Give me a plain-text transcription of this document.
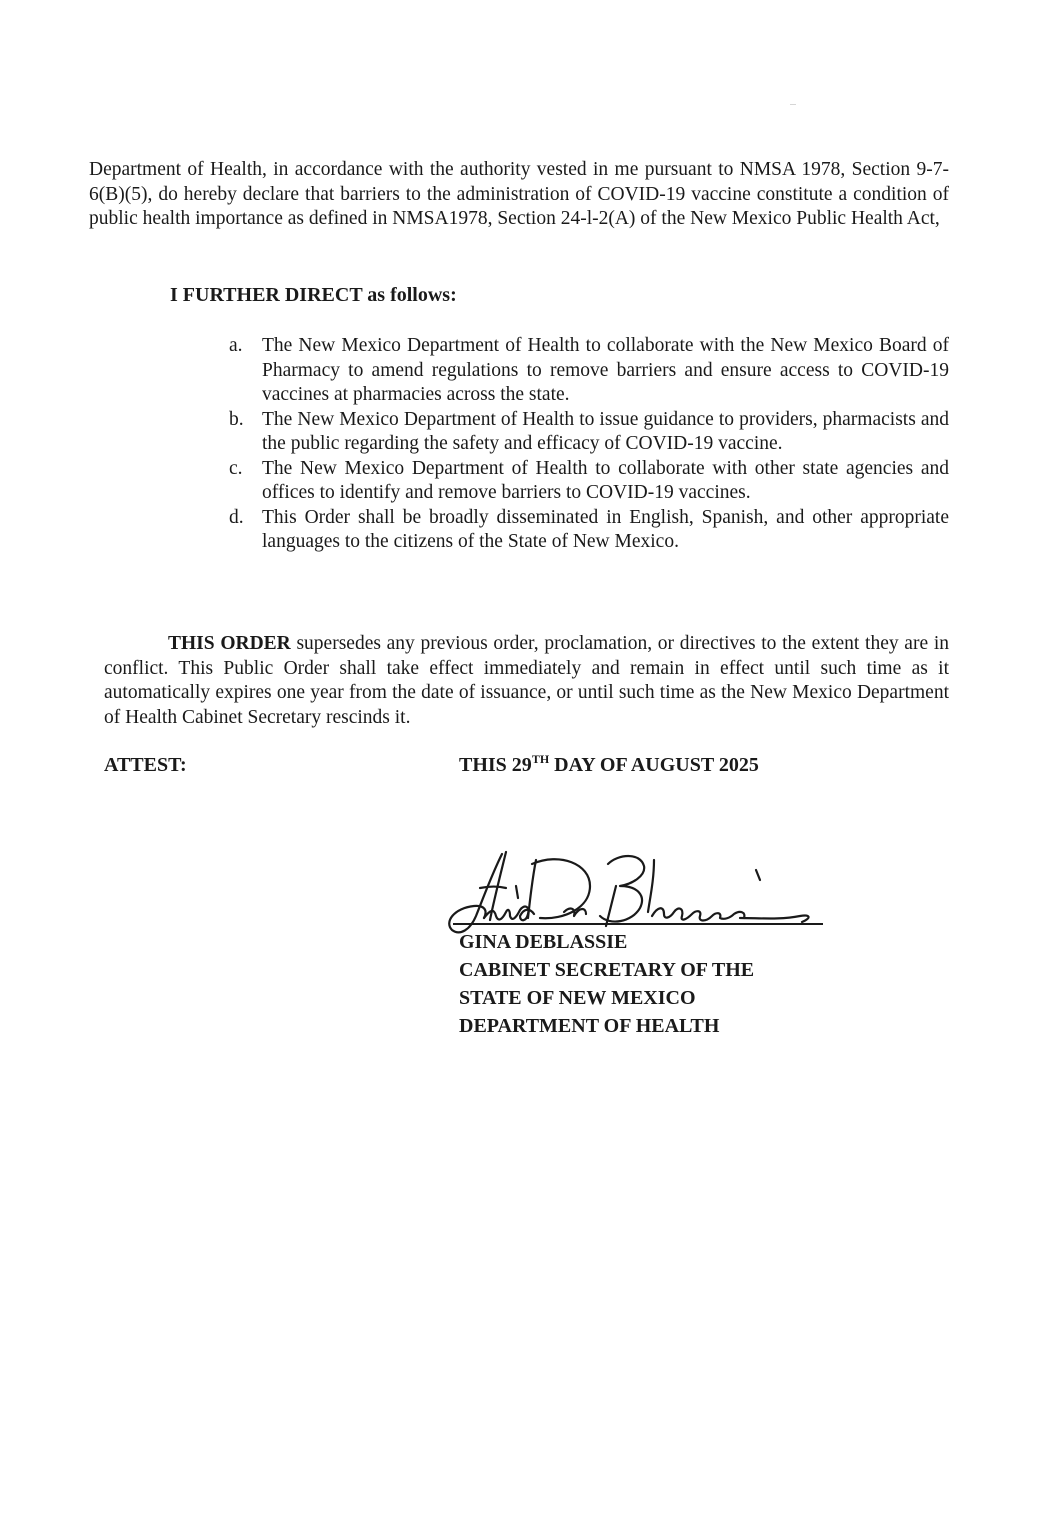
Department of Health, in accordance with the authority vested in me pursuant to NMSA 1978, Section 9-7-6(B)(5), do hereby declare that barriers to the administration of COVID-19 vaccine constitute a condition of public health importance as defined in NMSA1978, Section 24-l-2(A) of the New Mexico Public Health Act,

I FURTHER DIRECT as follows:

a. The New Mexico Department of Health to collaborate with the New Mexico Board of Pharmacy to amend regulations to remove barriers and ensure access to COVID-19 vaccines at pharmacies across the state.
b. The New Mexico Department of Health to issue guidance to providers, pharmacists and the public regarding the safety and efficacy of COVID-19 vaccine.
c. The New Mexico Department of Health to collaborate with other state agencies and offices to identify and remove barriers to COVID-19 vaccines.
d. This Order shall be broadly disseminated in English, Spanish, and other appropriate languages to the citizens of the State of New Mexico.

THIS ORDER supersedes any previous order, proclamation, or directives to the extent they are in conflict. This Public Order shall take effect immediately and remain in effect until such time as it automatically expires one year from the date of issuance, or until such time as the New Mexico Department of Health Cabinet Secretary rescinds it.

ATTEST:	THIS 29TH DAY OF AUGUST 2025

GINA DEBLASSIE
CABINET SECRETARY OF THE
STATE OF NEW MEXICO
DEPARTMENT OF HEALTH
